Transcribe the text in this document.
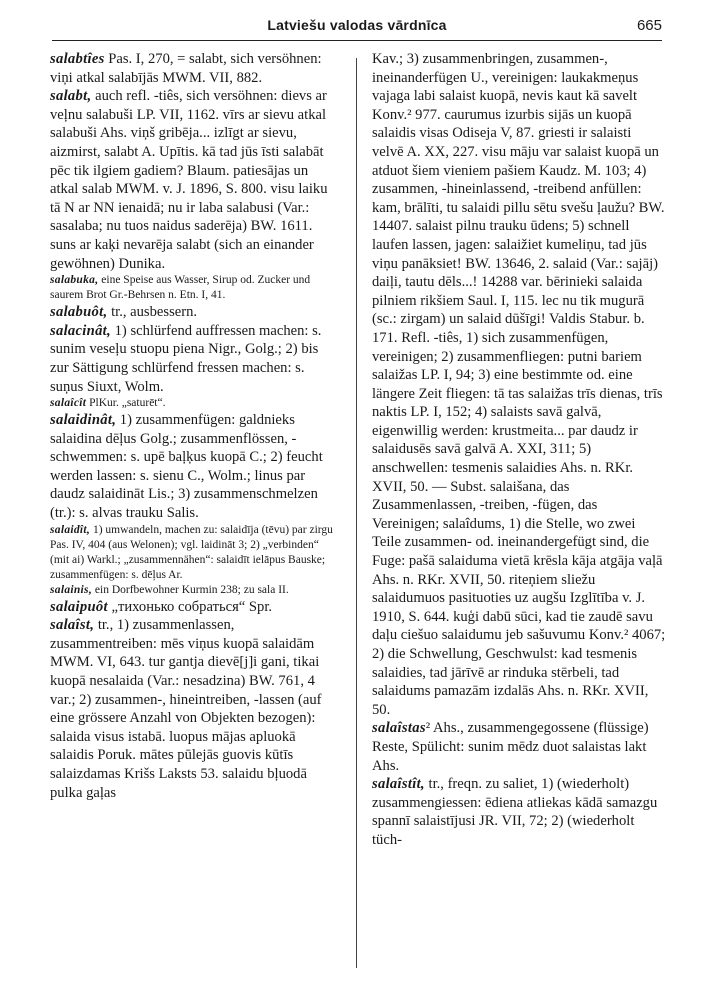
Latviešu valodas vārdnīca	665

salabtîes Pas. I, 270, = salabt, sich versöhnen: viņi atkal salabījās MWM. VII, 882.

salabt, auch refl. -tiês, sich versöhnen: dievs ar veļnu salabuši LP. VII, 1162. vīrs ar sievu atkal salabuši Ahs. viņš gribēja... izlīgt ar sievu, aizmirst, salabt A. Upītis. kā tad jūs īsti salabāt pēc tik ilgiem gadiem? Blaum. patiesājas un atkal salab MWM. v. J. 1896, S. 800. visu laiku tā N ar NN ienaidā; nu ir laba salabusi (Var.: sasalaba; nu tuos naidus saderēja) BW. 1611. suns ar kaķi nevarēja salabt (sich an einander gewöhnen) Dunika.

salabuka, eine Speise aus Wasser, Sirup od. Zucker und saurem Brot Gr.-Behrsen n. Etn. I, 41.

salabuôt, tr., ausbessern.

salacinât, 1) schlürfend auffressen machen: s. sunim veseļu stuopu piena Nigr., Golg.; 2) bis zur Sättigung schlürfend fressen machen: s. suņus Siuxt, Wolm.

salaîcît PlKur. „saturēt“.

salaidinât, 1) zusammenfügen: galdnieks salaidina dēļus Golg.; zusammenflössen, -schwemmen: s. upē baļķus kuopā C.; 2) feucht werden lassen: s. sienu C., Wolm.; linus par daudz salaidināt Lis.; 3) zusammenschmelzen (tr.): s. alvas trauku Salis.

salaidît, 1) umwandeln, machen zu: salaidīja (tēvu) par zirgu Pas. IV, 404 (aus Welonen); vgl. laidināt 3; 2) „verbinden“ (mit ai) Warkl.; „zusammennähen“: salaidīt ielāpus Bauske; zusammenfügen: s. dēļus Ar.

salainis, ein Dorfbewohner Kurmin 238; zu sala II.

salaipuôt „тихонько собраться“ Spr.

salaîst, tr., 1) zusammenlassen, zusammentreiben: mēs viņus kuopā salaidām MWM. VI, 643. tur gantja dievē[j]i gani, tikai kuopā nesalaida (Var.: nesadzina) BW. 761, 4 var.; 2) zusammen-, hineintreiben, -lassen (auf eine grössere Anzahl von Objekten bezogen): salaida visus istabā. luopus mājas apluokā salaidis Poruk. mātes pūlejās guovis kūtīs salaizdamas Krišs Laksts 53. salaidu bļuodā pulka gaļas

Kav.; 3) zusammenbringen, zusammen-, ineinanderfügen U., vereinigen: laukakmeņus vajaga labi salaist kuopā, nevis kaut kā savelt Konv.² 977. caurumus izurbis sijās un kuopā salaidis visas Odiseja V, 87. griesti ir salaisti velvē A. XX, 227. visu māju var salaist kuopā un atduot šiem vieniem pašiem Kaudz. M. 103; 4) zusammen, -hineinlassend, -treibend anfüllen: kam, brālīti, tu salaidi pillu sētu svešu ļaužu? BW. 14407. salaist pilnu trauku ūdens; 5) schnell laufen lassen, jagen: salaižiet kumeliņu, tad jūs viņu panāksiet! BW. 13646, 2. salaid (Var.: sajāj) daiļi, tautu dēls...! 14288 var. bērinieki salaida pilniem rikšiem Saul. I, 115. lec nu tik mugurā (sc.: zirgam) un salaid dūšīgi! Valdis Stabur. b. 171. Refl. -tiês, 1) sich zusammenfügen, vereinigen; 2) zusammenfliegen: putni bariem salaižas LP. I, 94; 3) eine bestimmte od. eine längere Zeit fliegen: tā tas salaižas trīs dienas, trīs naktis LP. I, 152; 4) salaists savā galvā, eigenwillig werden: krustmeita... par daudz ir salaidusēs savā galvā A. XXI, 311; 5) anschwellen: tesmenis salaidies Ahs. n. RKr. XVII, 50. — Subst. salaišana, das Zusammenlassen, -treiben, -fügen, das Vereinigen; salaîdums, 1) die Stelle, wo zwei Teile zusammen- od. ineinandergefügt sind, die Fuge: pašā salaiduma vietā krēsla kāja atgāja vaļā Ahs. n. RKr. XVII, 50. riteņiem sliežu salaidumuos pasituoties uz augšu Izglītība v. J. 1910, S. 644. kuģi dabū sūci, kad tie zaudē savu daļu ciešuo salaidumu jeb sašuvumu Konv.² 4067; 2) die Schwellung, Geschwulst: kad tesmenis salaidies, tad jārīvē ar rinduka stērbeli, tad salaidums pamazām izdalās Ahs. n. RKr. XVII, 50.

salaîstas² Ahs., zusammengegossene (flüssige) Reste, Spülicht: sunim mēdz duot salaistas lakt Ahs.

salaîstît, tr., freqn. zu saliet, 1) (wiederholt) zusammengiessen: ēdiena atliekas kādā samazgu spannī salaistījusi JR. VII, 72; 2) (wiederholt tüch-
